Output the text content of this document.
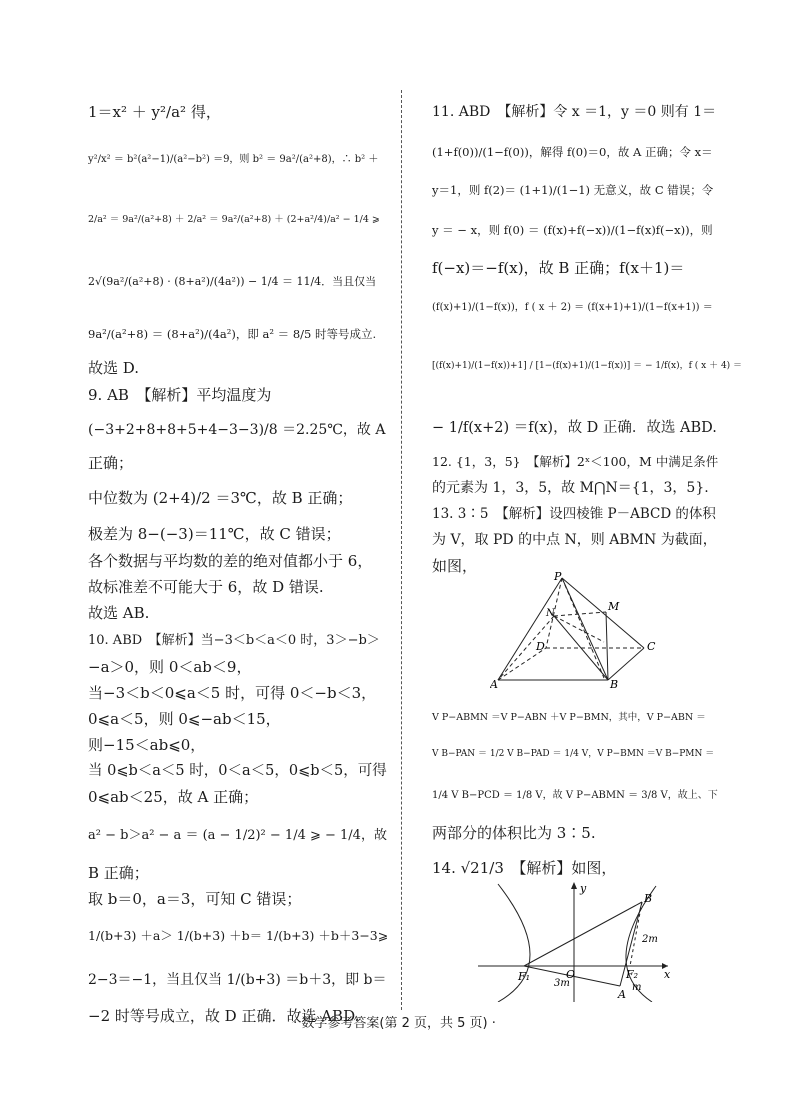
1＝x² ＋ y²/a² 得，
y²/x² ＝ b²(a²−1)/(a²−b²) ＝9，则 b² ＝ 9a²/(a²+8)，∴ b² ＋
2/a² ＝ 9a²/(a²+8) ＋ 2/a² ＝ 9a²/(a²+8) ＋ (2+a²/4)/a² − 1/4 ⩾
2√(9a²/(a²+8) · (8+a²)/(4a²)) − 1/4 ＝ 11/4．当且仅当
9a²/(a²+8) ＝ (8+a²)/(4a²)，即 a² ＝ 8/5 时等号成立.
故选 D.
9. AB　【解析】平均温度为
(−3+2+8+8+5+4−3−3)/8 ＝2.25℃，故 A
正确；
中位数为 (2+4)/2 ＝3℃，故 B 正确；
极差为 8−(−3)＝11℃，故 C 错误；
各个数据与平均数的差的绝对值都小于 6，
故标准差不可能大于 6，故 D 错误.
故选 AB.
10. ABD　【解析】当−3＜b＜a＜0 时，3＞−b＞
−a＞0，则 0＜ab＜9，
当−3＜b＜0⩽a＜5 时，可得 0＜−b＜3，
0⩽a＜5，则 0⩽−ab＜15，
则−15＜ab⩽0，
当 0⩽b＜a＜5 时，0＜a＜5，0⩽b＜5，可得
0⩽ab＜25，故 A 正确；
a² − b＞a² − a ＝ (a − 1/2)² − 1/4 ⩾ − 1/4，故
B 正确；
取 b＝0，a＝3，可知 C 错误；
1/(b+3) ＋a＞ 1/(b+3) ＋b＝ 1/(b+3) ＋b＋3−3⩾
2−3＝−1，当且仅当 1/(b+3) ＝b＋3，即 b＝
−2 时等号成立，故 D 正确．故选 ABD.
11. ABD　【解析】令 x ＝1，y ＝0 则有 1＝
(1+f(0))/(1−f(0))，解得 f(0)＝0，故 A 正确；令 x＝
y＝1，则 f(2)＝ (1+1)/(1−1) 无意义，故 C 错误；令
y ＝ − x，则 f(0) ＝ (f(x)+f(−x))/(1−f(x)f(−x))，则
f(−x)＝−f(x)，故 B 正确；f(x＋1)＝
(f(x)+1)/(1−f(x))，f ( x ＋ 2) ＝ (f(x+1)+1)/(1−f(x+1)) ＝
[(f(x)+1)/(1−f(x))+1] / [1−(f(x)+1)/(1−f(x))] ＝ − 1/f(x)，f ( x ＋ 4) ＝
− 1/f(x+2) ＝f(x)，故 D 正确．故选 ABD.
12. {1，3，5}　【解析】2ˣ＜100，M 中满足条件
的元素为 1，3，5，故 M⋂N＝{1，3，5}.
13. 3∶5　【解析】设四棱锥 P－ABCD 的体积
为 V，取 PD 的中点 N，则 ABMN 为截面，
如图，
V P−ABMN ＝V P−ABN ＋V P−BMN，其中，V P−ABN ＝
V B−PAN ＝ 1/2 V B−PAD ＝ 1/4 V，V P−BMN ＝V B−PMN ＝
1/4 V B−PCD ＝ 1/8 V，故 V P−ABMN ＝ 3/8 V，故上、下
两部分的体积比为 3∶5.
14. √21/3　【解析】如图，
P
M
N
D	C
A	B
y
x
O
F₁	F₂
B
A
2m
3m	m
· 数学参考答案(第 2 页，共 5 页) ·
